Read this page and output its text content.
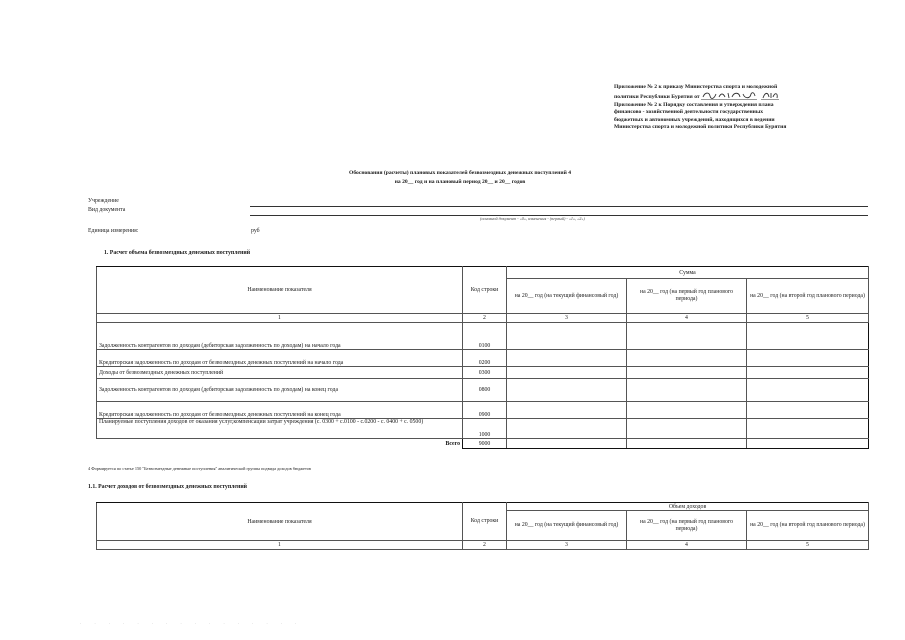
Приложение № 2 к приказу Министерства спорта и молодежной
политики Республики Бурятия от
Приложение № 2 к Порядку составления и утверждения плана
финансово - хозяйственной деятельности государственных
бюджетных и автономных учреждений, находящихся в ведении
Министерства спорта и молодежной политики Республики Бурятия
Обоснования (расчеты) плановых показателей безвозмездных денежных поступлений 4
на 20__ год и на плановый период 20__ и 20__ годов
Учреждение
Вид документа
(основной документ - «0», изменения - (первый) - «1», «2»)
Единица измерения:	руб
1. Расчет объема безвозмездных денежных поступлений
Наименование показателя	Код строки	Сумма		
		на 20__ год (на текущий финансовый год)	на 20__ год (на первый год планового периода)	на 20__ год (на второй год планового периода)
1	2	3	4	5
Задолженность контрагентов по доходам (дебиторская задолженность по доходам) на начало года	0100			
Кредиторская задолженность по доходам от безвозмездных денежных поступлений на начало года	0200			
Доходы от безвозмездных денежных поступлений	0300			
Задолженность контрагентов по доходам (дебиторская задолженность по доходам) на конец года	0800			
Кредиторская задолженность по доходам от безвозмездных денежных поступлений на конец года	0900			
Планируемые поступления доходов от оказания услуг,компенсации затрат учреждения (с. 0300 + с.0100 - с.0200 - с. 0400 + с. 0500)	1000			
Всего	9000			
4 Формируется по статье 150 "Безвозмездные денежные поступления" аналитической группы подвида доходов бюджетов
1.1. Расчет доходов от безвозмездных денежных поступлений
Наименование показателя	Код строки	Объем доходов		
		на 20__ год (на текущий финансовый год)	на 20__ год (на первый год планового периода)	на 20__ год (на второй год планового периода)
1	2	3	4	5
· · · · · · · · · · · · · · · ·
